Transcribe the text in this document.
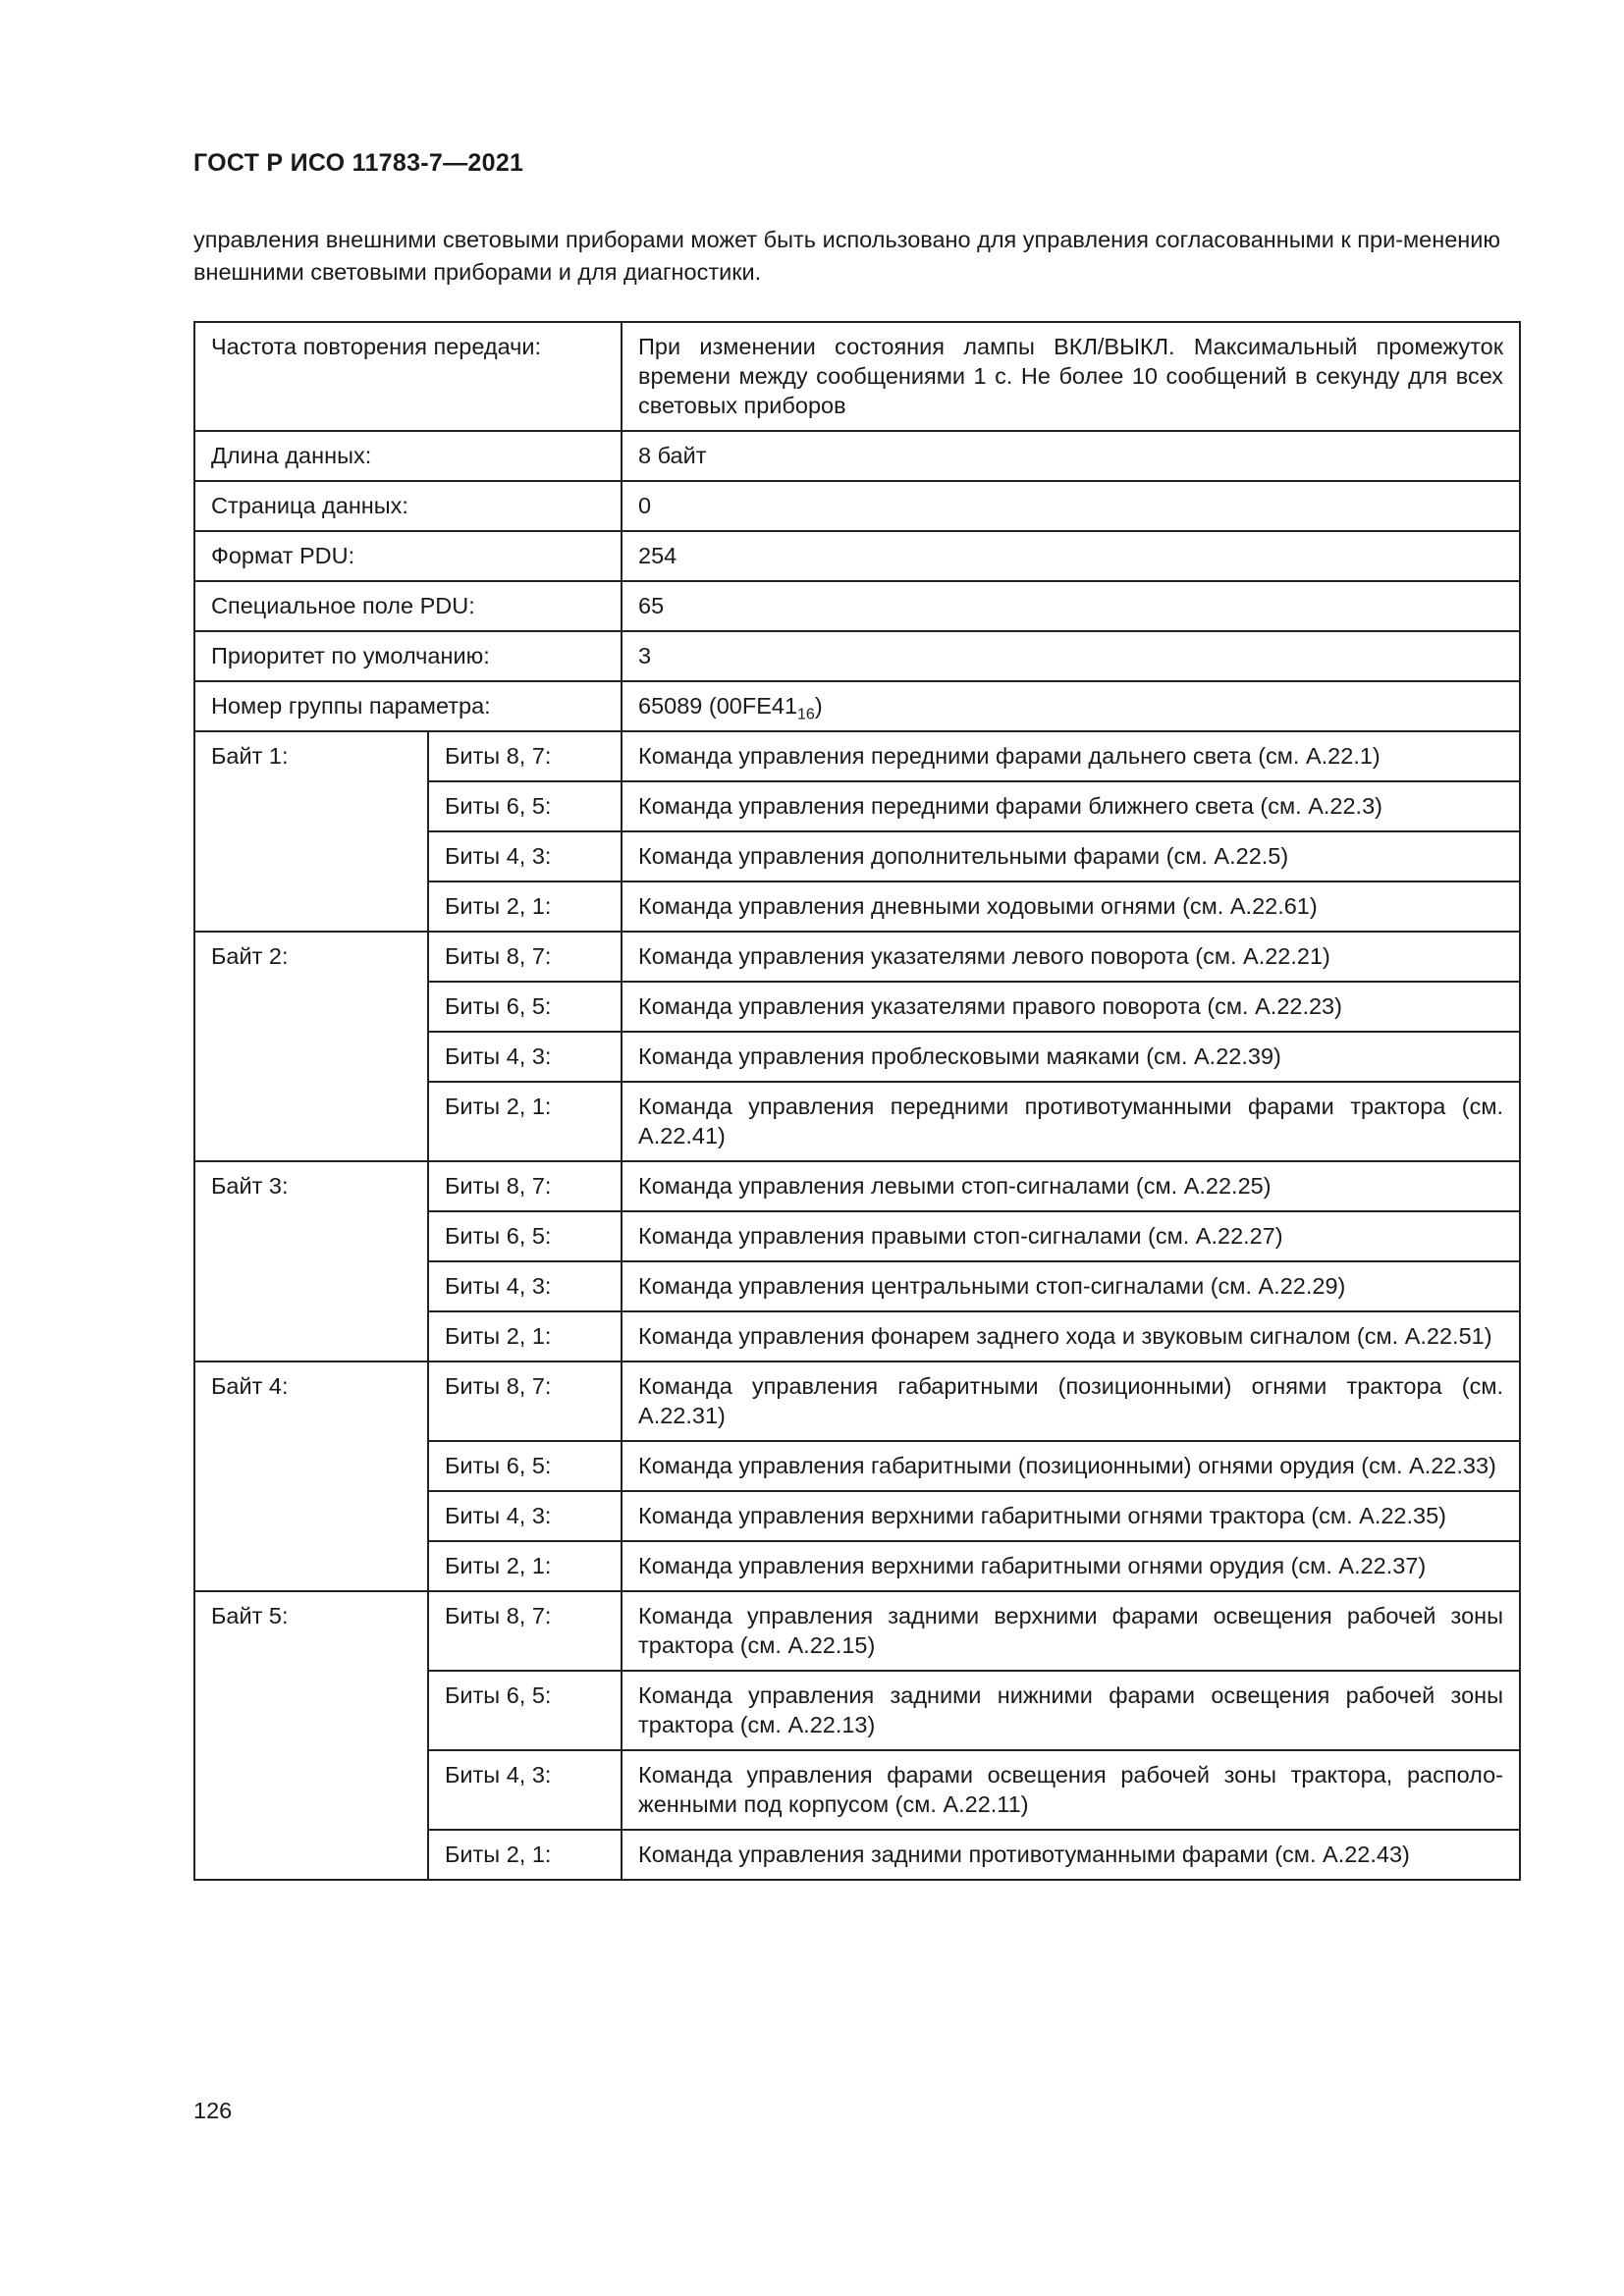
ГОСТ Р ИСО 11783-7—2021

управления внешними световыми приборами может быть использовано для управления согласованными к при-менению внешними световыми приборами и для диагностики.

Частота повторения передачи:		При изменении состояния лампы ВКЛ/ВЫКЛ. Максимальный промежуток времени между сообщениями 1 с. Не более 10 сообщений в секунду для всех световых приборов
Длина данных:		8 байт
Страница данных:		0
Формат PDU:		254
Специальное поле PDU:		65
Приоритет по умолчанию:		3
Номер группы параметра:		65089 $(00FE41_{16})$
Байт 1:	Биты 8, 7:	Команда управления передними фарами дальнего света (см. А.22.1)
	Биты 6, 5:	Команда управления передними фарами ближнего света (см. А.22.3)
	Биты 4, 3:	Команда управления дополнительными фарами (см. А.22.5)
	Биты 2, 1:	Команда управления дневными ходовыми огнями (см. А.22.61)
Байт 2:	Биты 8, 7:	Команда управления указателями левого поворота (см. А.22.21)
	Биты 6, 5:	Команда управления указателями правого поворота (см. А.22.23)
	Биты 4, 3:	Команда управления проблесковыми маяками (см. А.22.39)
	Биты 2, 1:	Команда управления передними противотуманными фарами трактора (см. А.22.41)
Байт 3:	Биты 8, 7:	Команда управления левыми стоп-сигналами (см. А.22.25)
	Биты 6, 5:	Команда управления правыми стоп-сигналами (см. А.22.27)
	Биты 4, 3:	Команда управления центральными стоп-сигналами (см. А.22.29)
	Биты 2, 1:	Команда управления фонарем заднего хода и звуковым сигналом (см. А.22.51)
Байт 4:	Биты 8, 7:	Команда управления габаритными (позиционными) огнями трактора (см. А.22.31)
	Биты 6, 5:	Команда управления габаритными (позиционными) огнями орудия (см. А.22.33)
	Биты 4, 3:	Команда управления верхними габаритными огнями трактора (см. А.22.35)
	Биты 2, 1:	Команда управления верхними габаритными огнями орудия (см. А.22.37)
Байт 5:	Биты 8, 7:	Команда управления задними верхними фарами освещения рабочей зоны трактора (см. А.22.15)
	Биты 6, 5:	Команда управления задними нижними фарами освещения рабочей зоны трактора (см. А.22.13)
	Биты 4, 3:	Команда управления фарами освещения рабочей зоны трактора, располо-женными под корпусом (см. А.22.11)
	Биты 2, 1:	Команда управления задними противотуманными фарами (см. А.22.43)

126
